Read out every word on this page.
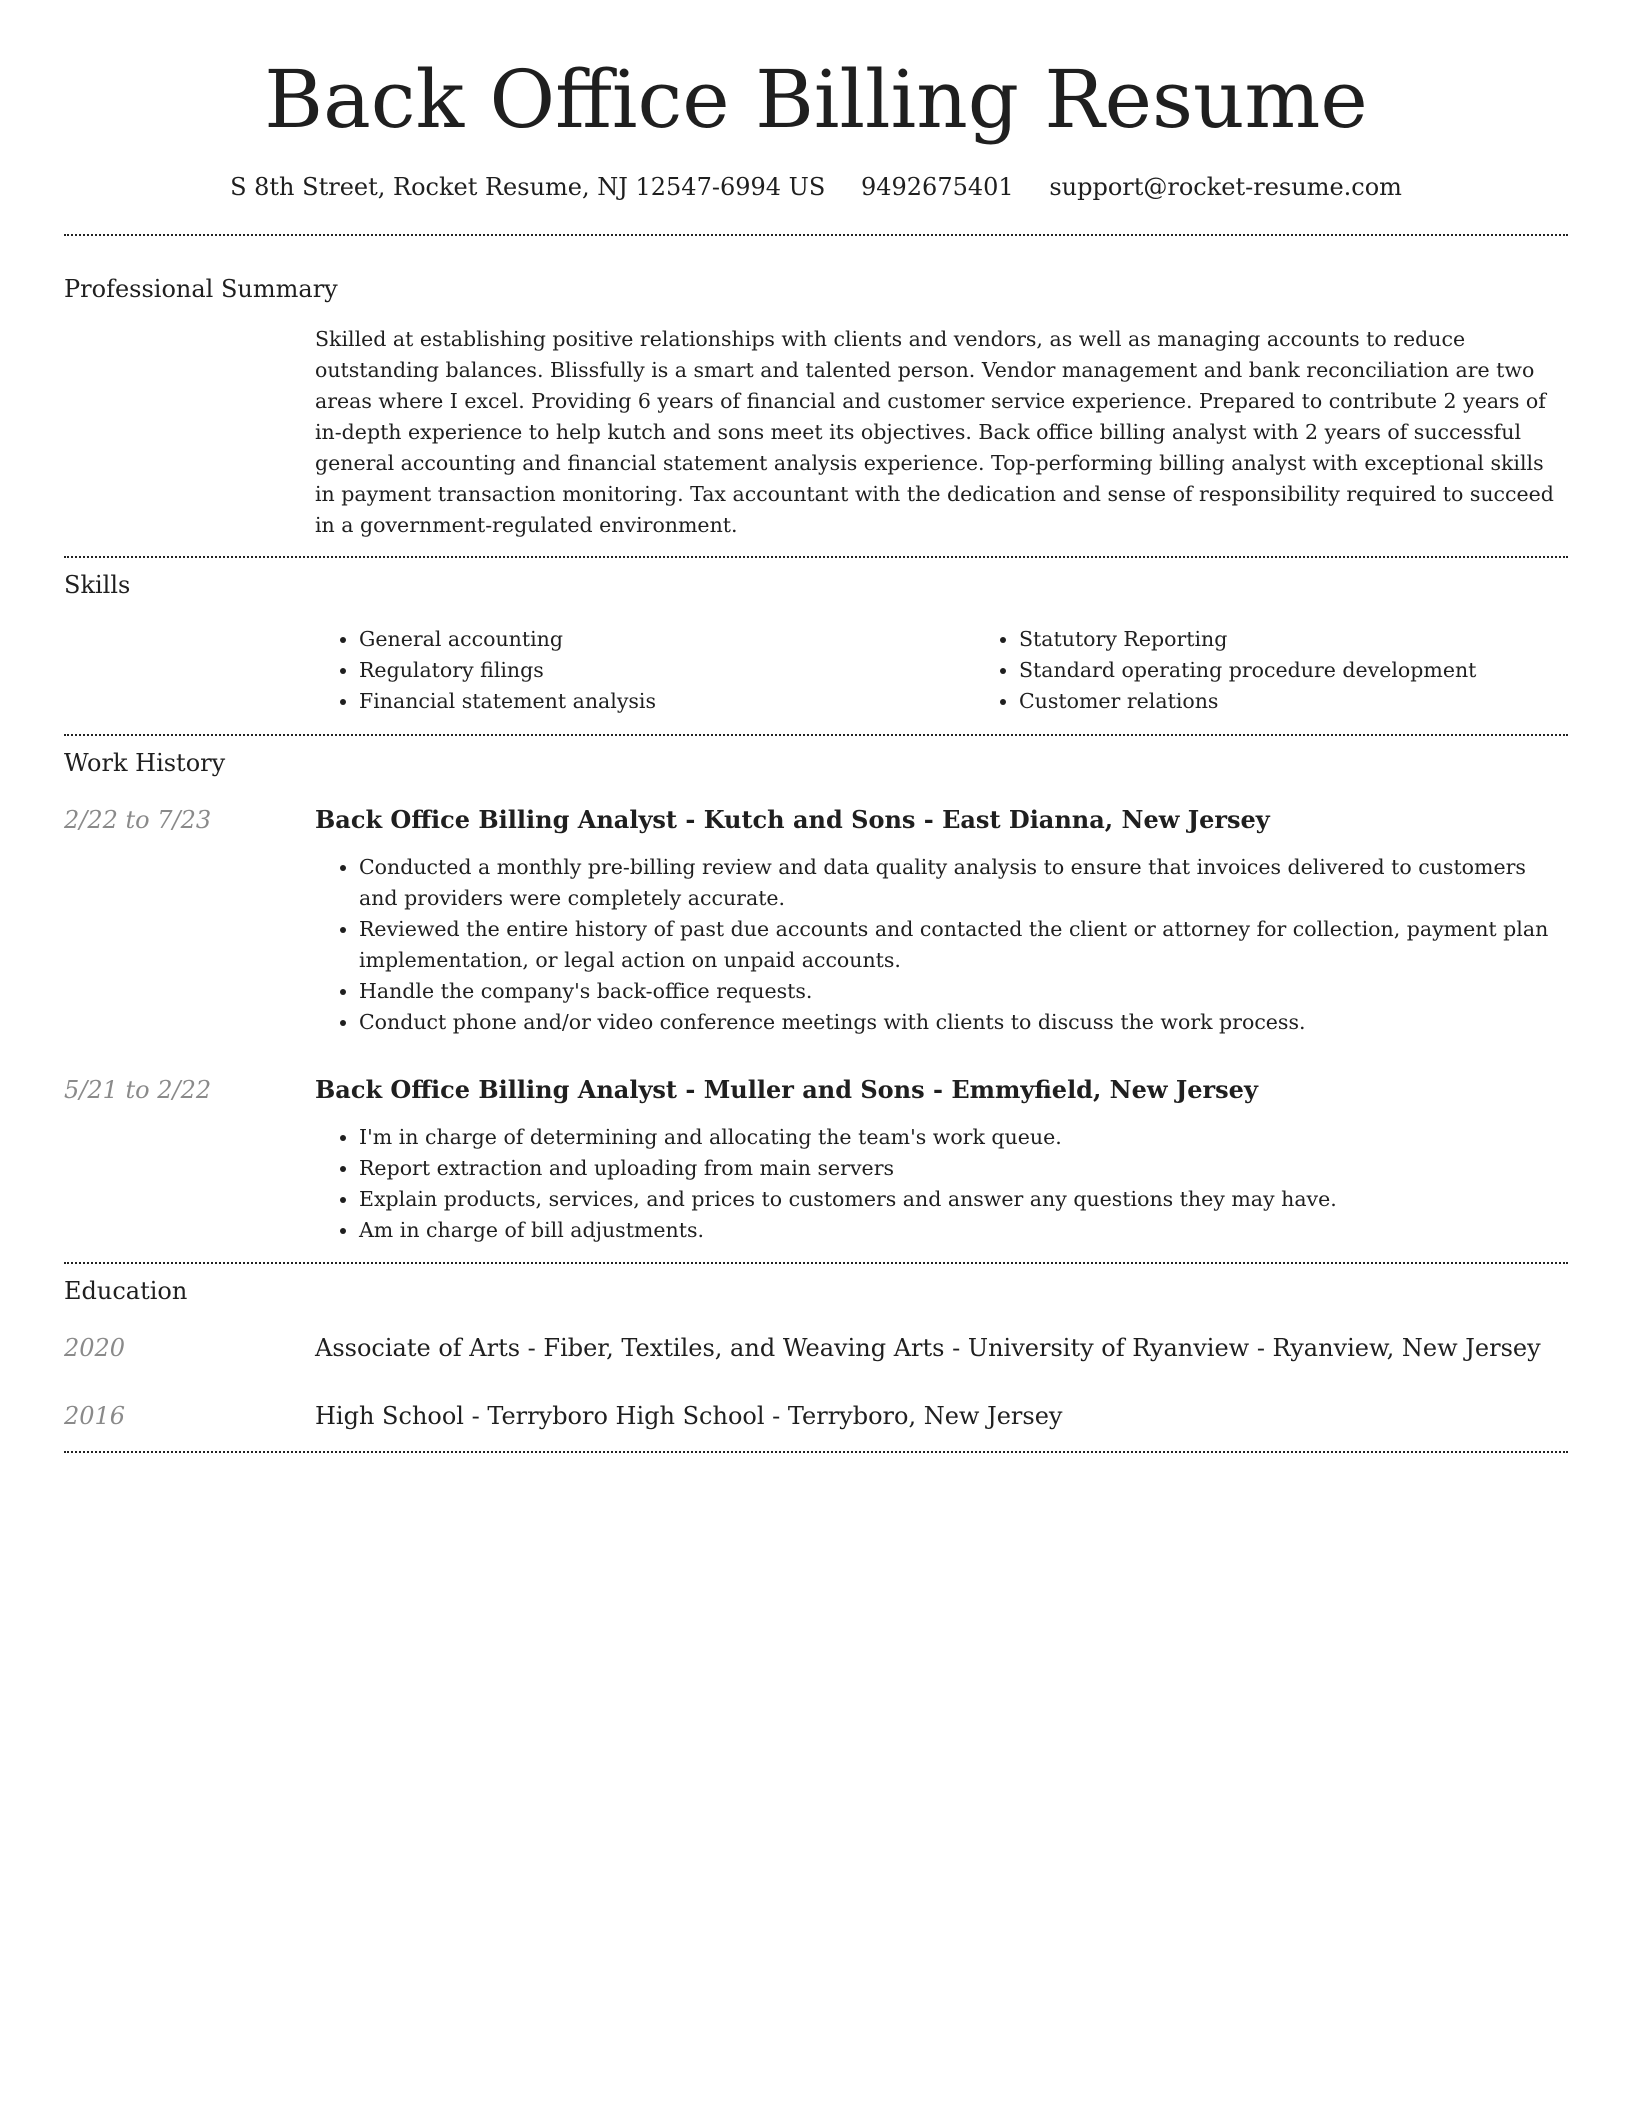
Back Office Billing Resume
S 8th Street, Rocket Resume, NJ 12547-6994 US 9492675401 support@rocket-resume.com
Professional Summary

Skilled at establishing positive relationships with clients and vendors, as well as managing accounts to reduce outstanding balances. Blissfully is a smart and talented person. Vendor management and bank reconciliation are two areas where I excel. Providing 6 years of financial and customer service experience. Prepared to contribute 2 years of in-depth experience to help kutch and sons meet its objectives. Back office billing analyst with 2 years of successful general accounting and financial statement analysis experience. Top-performing billing analyst with exceptional skills in payment transaction monitoring. Tax accountant with the dedication and sense of responsibility required to succeed in a government-regulated environment.

Skills
• General accounting
• Regulatory filings
• Financial statement analysis
• Statutory Reporting
• Standard operating procedure development
• Customer relations
Work History
2/22 to 7/23	Back Office Billing Analyst - Kutch and Sons - East Dianna, New Jersey
• Conducted a monthly pre-billing review and data quality analysis to ensure that invoices delivered to customers and providers were completely accurate.
• Reviewed the entire history of past due accounts and contacted the client or attorney for collection, payment plan implementation, or legal action on unpaid accounts.
• Handle the company's back-office requests.
• Conduct phone and/or video conference meetings with clients to discuss the work process.
5/21 to 2/22	Back Office Billing Analyst - Muller and Sons - Emmyfield, New Jersey
• I'm in charge of determining and allocating the team's work queue.
• Report extraction and uploading from main servers
• Explain products, services, and prices to customers and answer any questions they may have.
• Am in charge of bill adjustments.
Education
2020	Associate of Arts - Fiber, Textiles, and Weaving Arts - University of Ryanview - Ryanview, New Jersey
2016	High School - Terryboro High School - Terryboro, New Jersey
